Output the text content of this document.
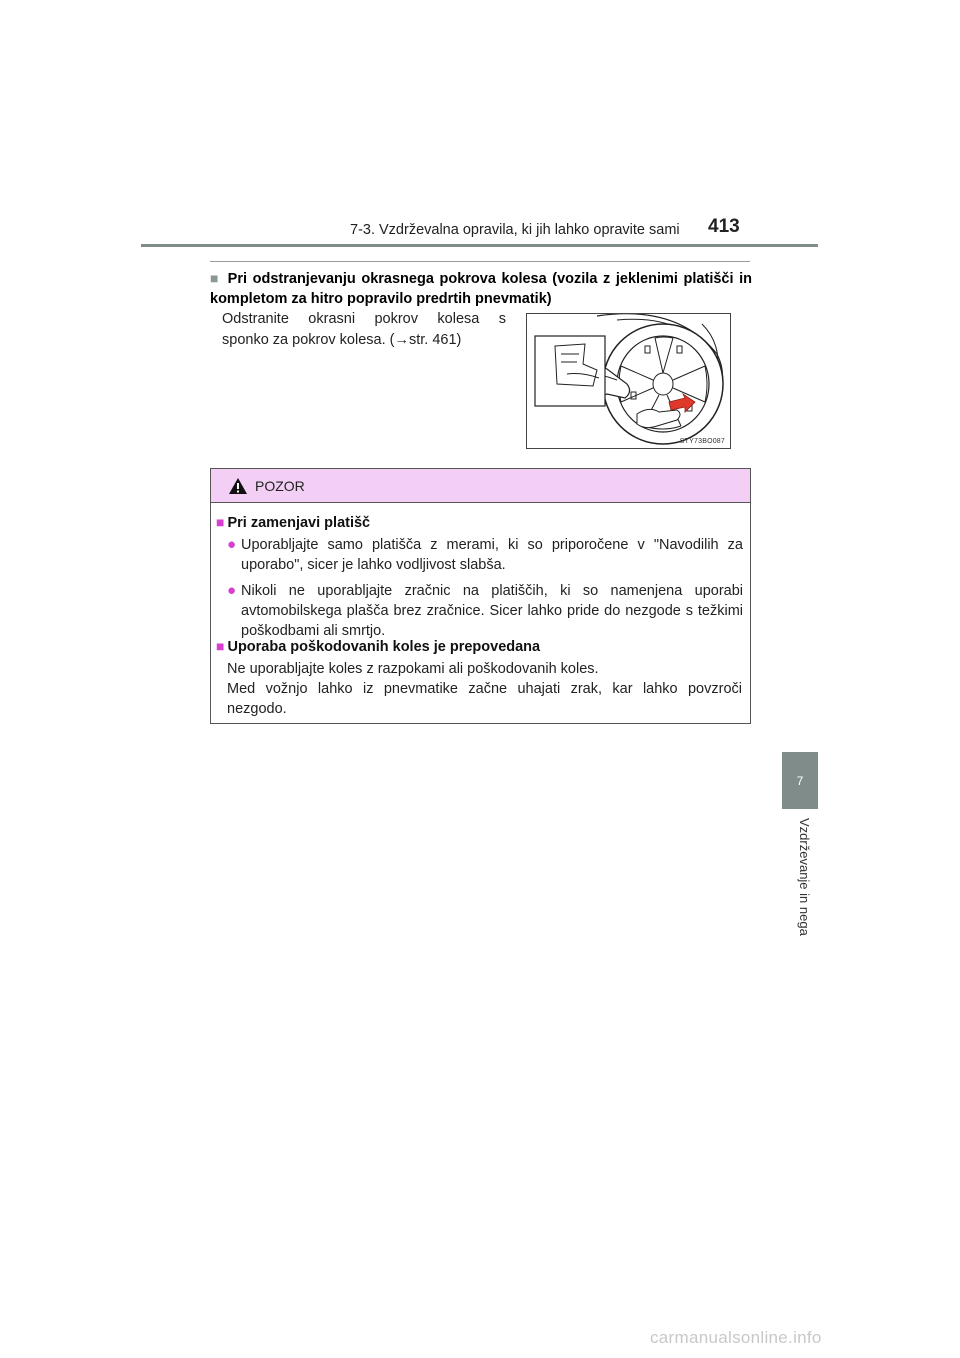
7-3. Vzdrževalna opravila, ki jih lahko opravite sami	413
■ Pri odstranjevanju okrasnega pokrova kolesa (vozila z jeklenimi platišči in kompletom za hitro popravilo predrtih pnevmatik)
Odstranite okrasni pokrov kolesa s
sponko za pokrov kolesa. (→str. 461)
STY73BO087
POZOR
■ Pri zamenjavi platišč
● Uporabljajte samo platišča z merami, ki so priporočene v "Navodilih za uporabo", sicer je lahko vodljivost slabša.
● Nikoli ne uporabljajte zračnic na platiščih, ki so namenjena uporabi avtomobilskega plašča brez zračnice. Sicer lahko pride do nezgode s težkimi poškodbami ali smrtjo.
■ Uporaba poškodovanih koles je prepovedana
Ne uporabljajte koles z razpokami ali poškodovanih koles.
Med vožnjo lahko iz pnevmatike začne uhajati zrak, kar lahko povzroči
nezgodo.
7
Vzdrževanje in nega
carmanualsonline.info
